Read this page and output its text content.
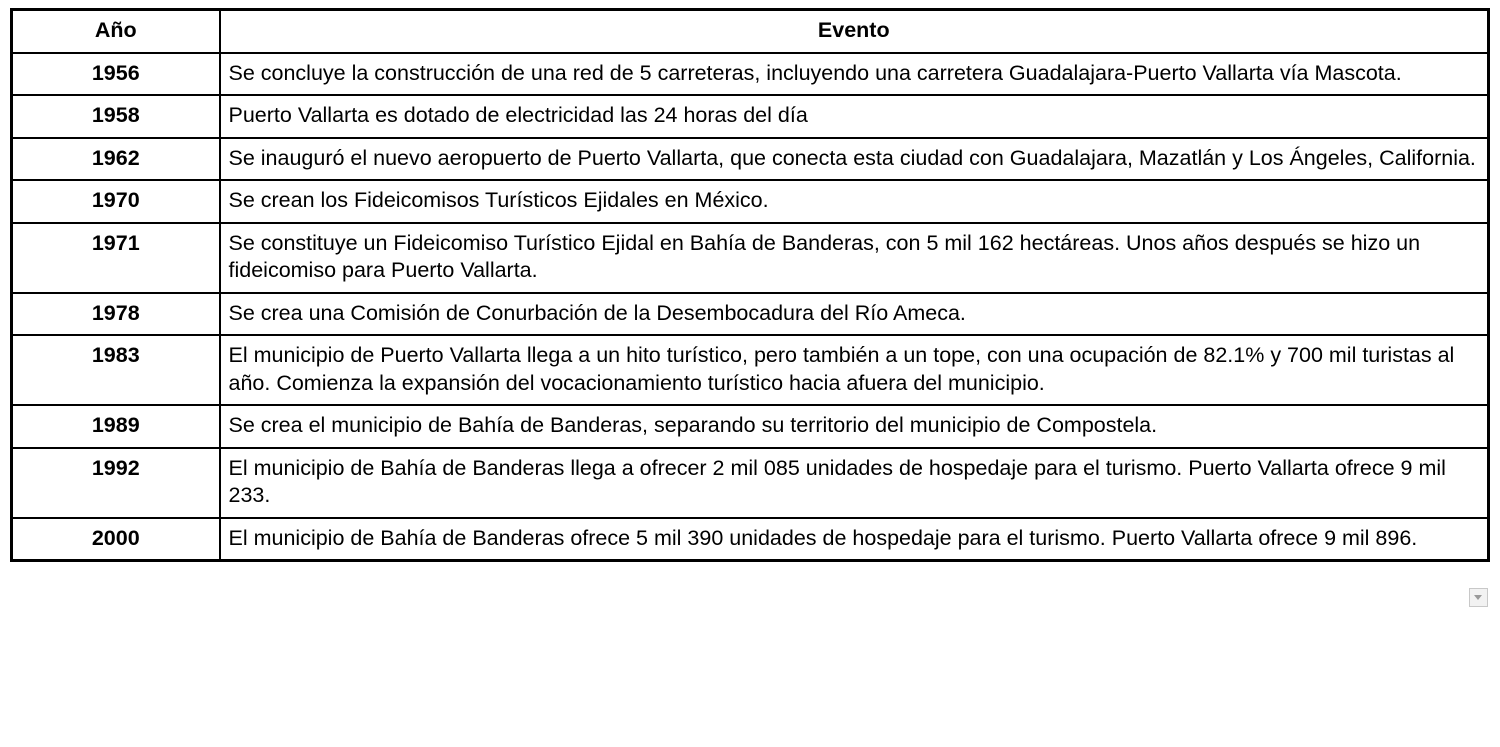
Año	Evento
1956	Se concluye la construcción de una red de 5 carreteras, incluyendo una carretera Guadalajara-Puerto Vallarta vía Mascota.
1958	Puerto Vallarta es dotado de electricidad las 24 horas del día
1962	Se inauguró el nuevo aeropuerto de Puerto Vallarta, que conecta esta ciudad con Guadalajara, Mazatlán y Los Ángeles, California.
1970	Se crean los Fideicomisos Turísticos Ejidales en México.
1971	Se constituye un Fideicomiso Turístico Ejidal en Bahía de Banderas, con 5 mil 162 hectáreas. Unos años después se hizo un fideicomiso para Puerto Vallarta.
1978	Se crea una Comisión de Conurbación de la Desembocadura del Río Ameca.
1983	El municipio de Puerto Vallarta llega a un hito turístico, pero también a un tope, con una ocupación de 82.1% y 700 mil turistas al año. Comienza la expansión del vocacionamiento turístico hacia afuera del municipio.
1989	Se crea el municipio de Bahía de Banderas, separando su territorio del municipio de Compostela.
1992	El municipio de Bahía de Banderas llega a ofrecer 2 mil 085 unidades de hospedaje para el turismo. Puerto Vallarta ofrece 9 mil 233.
2000	El municipio de Bahía de Banderas ofrece 5 mil 390 unidades de hospedaje para el turismo. Puerto Vallarta ofrece 9 mil 896.
